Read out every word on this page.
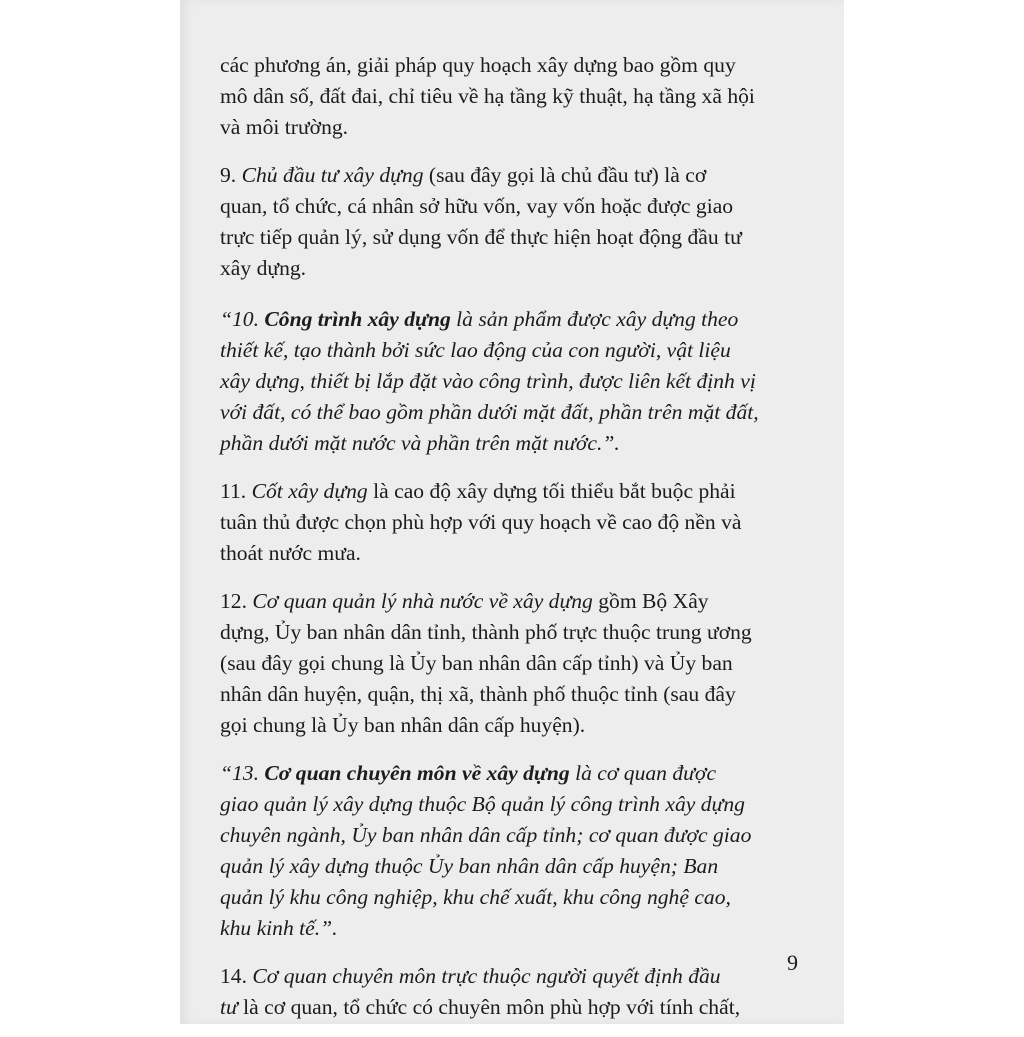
các phương án, giải pháp quy hoạch xây dựng bao gồm quy
mô dân số, đất đai, chỉ tiêu về hạ tầng kỹ thuật, hạ tầng xã hội
và môi trường.
9. Chủ đầu tư xây dựng (sau đây gọi là chủ đầu tư) là cơ
quan, tổ chức, cá nhân sở hữu vốn, vay vốn hoặc được giao
trực tiếp quản lý, sử dụng vốn để thực hiện hoạt động đầu tư
xây dựng.
“10. Công trình xây dựng là sản phẩm được xây dựng theo
thiết kế, tạo thành bởi sức lao động của con người, vật liệu
xây dựng, thiết bị lắp đặt vào công trình, được liên kết định vị
với đất, có thể bao gồm phần dưới mặt đất, phần trên mặt đất,
phần dưới mặt nước và phần trên mặt nước.”.
11. Cốt xây dựng là cao độ xây dựng tối thiểu bắt buộc phải
tuân thủ được chọn phù hợp với quy hoạch về cao độ nền và
thoát nước mưa.
12. Cơ quan quản lý nhà nước về xây dựng gồm Bộ Xây
dựng, Ủy ban nhân dân tỉnh, thành phố trực thuộc trung ương
(sau đây gọi chung là Ủy ban nhân dân cấp tỉnh) và Ủy ban
nhân dân huyện, quận, thị xã, thành phố thuộc tỉnh (sau đây
gọi chung là Ủy ban nhân dân cấp huyện).
“13. Cơ quan chuyên môn về xây dựng là cơ quan được
giao quản lý xây dựng thuộc Bộ quản lý công trình xây dựng
chuyên ngành, Ủy ban nhân dân cấp tỉnh; cơ quan được giao
quản lý xây dựng thuộc Ủy ban nhân dân cấp huyện; Ban
quản lý khu công nghiệp, khu chế xuất, khu công nghệ cao,
khu kinh tế.”.
14. Cơ quan chuyên môn trực thuộc người quyết định đầu
tư là cơ quan, tổ chức có chuyên môn phù hợp với tính chất,
9
